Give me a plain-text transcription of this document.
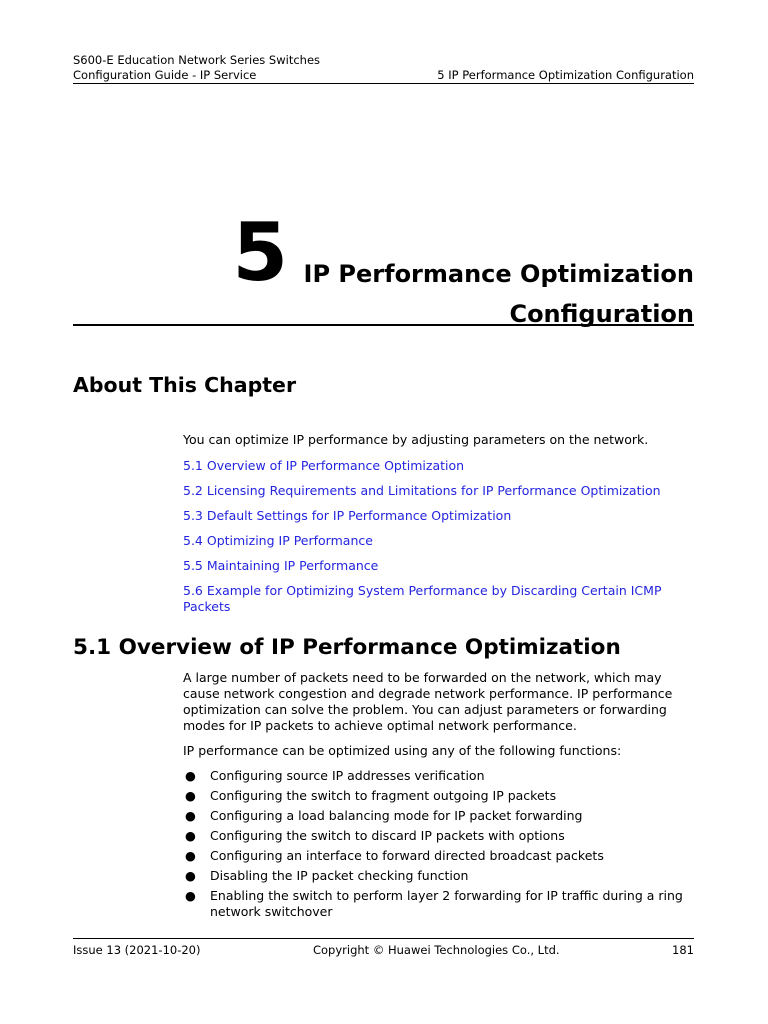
S600-E Education Network Series Switches
Configuration Guide - IP Service	5 IP Performance Optimization Configuration
5 IP Performance Optimization
Configuration
About This Chapter
You can optimize IP performance by adjusting parameters on the network.
5.1 Overview of IP Performance Optimization
5.2 Licensing Requirements and Limitations for IP Performance Optimization
5.3 Default Settings for IP Performance Optimization
5.4 Optimizing IP Performance
5.5 Maintaining IP Performance
5.6 Example for Optimizing System Performance by Discarding Certain ICMP Packets
5.1 Overview of IP Performance Optimization
A large number of packets need to be forwarded on the network, which may cause network congestion and degrade network performance. IP performance optimization can solve the problem. You can adjust parameters or forwarding modes for IP packets to achieve optimal network performance.
IP performance can be optimized using any of the following functions:
● Configuring source IP addresses verification
● Configuring the switch to fragment outgoing IP packets
● Configuring a load balancing mode for IP packet forwarding
● Configuring the switch to discard IP packets with options
● Configuring an interface to forward directed broadcast packets
● Disabling the IP packet checking function
● Enabling the switch to perform layer 2 forwarding for IP traffic during a ring network switchover
Issue 13 (2021-10-20)	Copyright © Huawei Technologies Co., Ltd.	181
